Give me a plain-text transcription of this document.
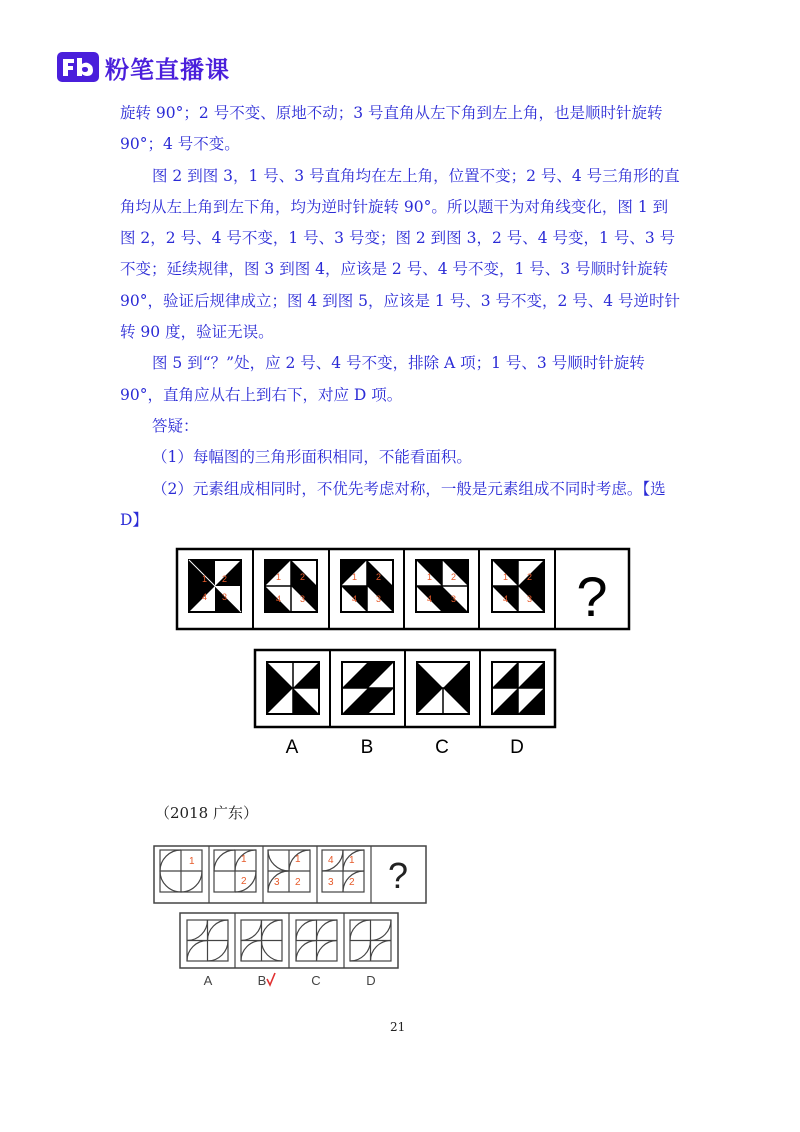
粉笔直播课

旋转 90°；2 号不变、原地不动；3 号直角从左下角到左上角，也是顺时针旋转 90°；4 号不变。

图 2 到图 3，1 号、3 号直角均在左上角，位置不变；2 号、4 号三角形的直角均从左上角到左下角，均为逆时针旋转 90°。所以题干为对角线变化，图 1 到图 2，2 号、4 号不变，1 号、3 号变；图 2 到图 3，2 号、4 号变，1 号、3 号不变；延续规律，图 3 到图 4，应该是 2 号、4 号不变，1 号、3 号顺时针旋转 90°，验证后规律成立；图 4 到图 5，应该是 1 号、3 号不变，2 号、4 号逆时针转 90 度，验证无误。

图 5 到“？”处，应 2 号、4 号不变，排除 A 项；1 号、3 号顺时针旋转 90°，直角应从右上到右下，对应 D 项。

答疑：

（1）每幅图的三角形面积相同，不能看面积。

（2）元素组成相同时，不优先考虑对称，一般是元素组成不同时考虑。【选 D】

1 2
4 3
1 2
4 3
1 2
4 3
1 2
4 3
1 2
4 3 ?
A	B	C	D
（2018 广东）
1	1
2
1
3 2
4 1
3 2 ?
A	B	C	D
21
